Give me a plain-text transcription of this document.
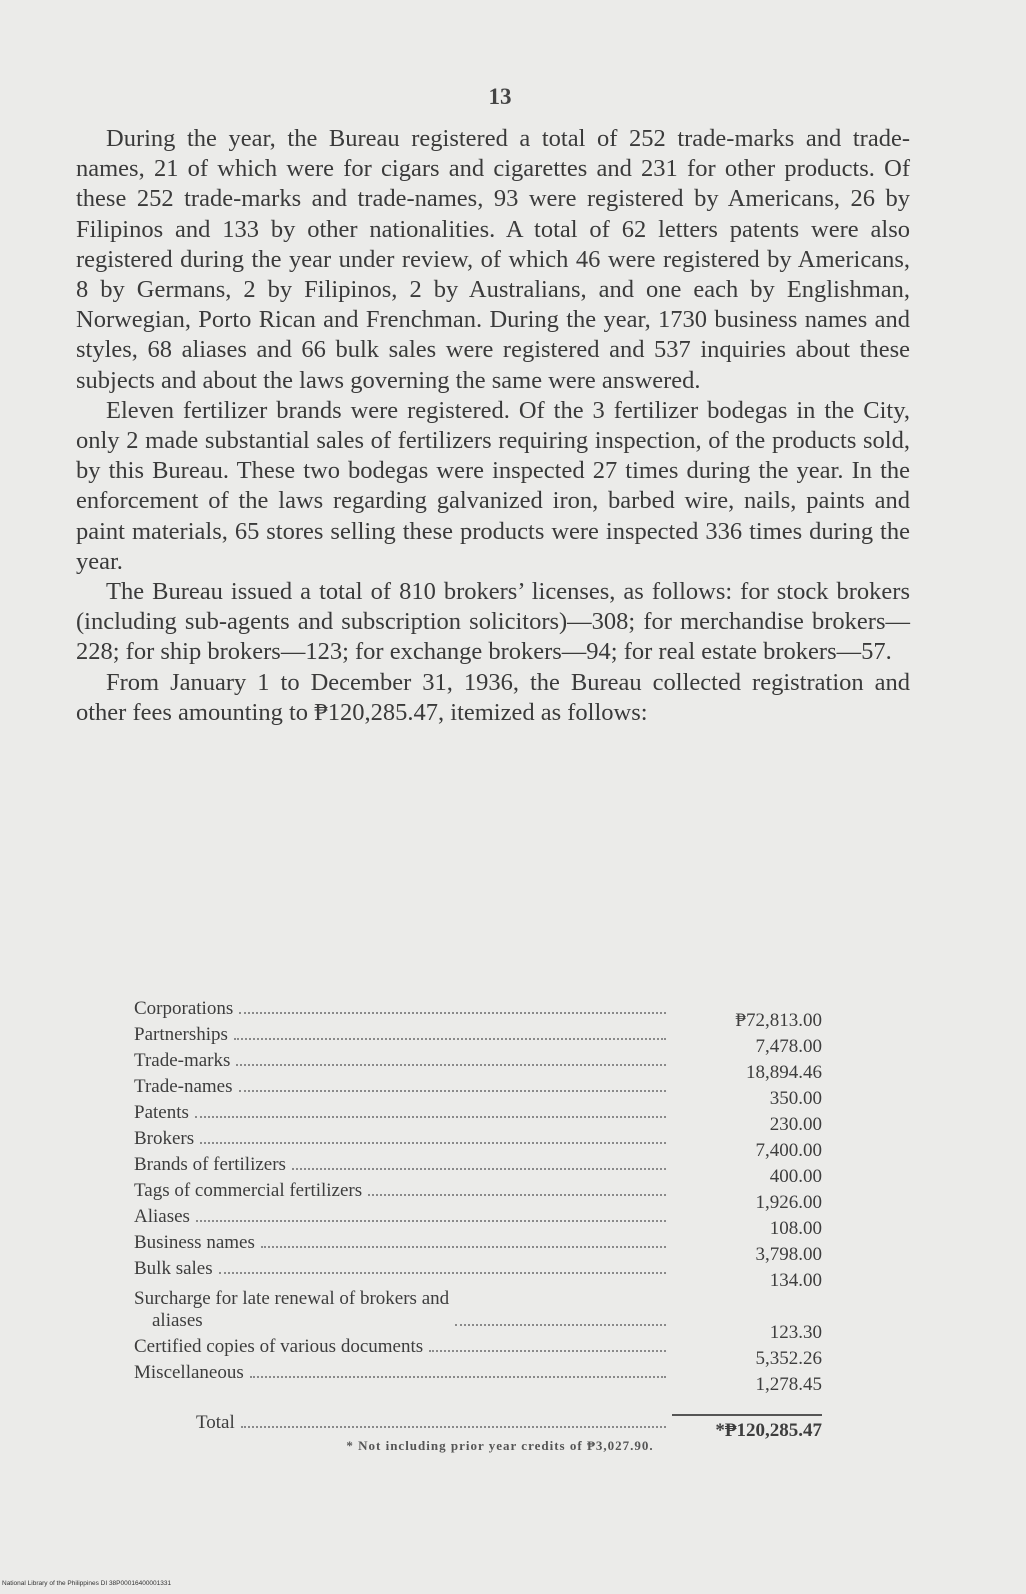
13

During the year, the Bureau registered a total of 252 trade-marks and trade-names, 21 of which were for cigars and cigarettes and 231 for other products. Of these 252 trade-marks and trade-names, 93 were registered by Americans, 26 by Filipinos and 133 by other nationalities. A total of 62 letters patents were also registered during the year under review, of which 46 were registered by Americans, 8 by Germans, 2 by Filipinos, 2 by Australians, and one each by Englishman, Norwegian, Porto Rican and Frenchman. During the year, 1730 business names and styles, 68 aliases and 66 bulk sales were registered and 537 inquiries about these subjects and about the laws governing the same were answered.

Eleven fertilizer brands were registered. Of the 3 fertilizer bodegas in the City, only 2 made substantial sales of fertilizers requiring inspection, of the products sold, by this Bureau. These two bodegas were inspected 27 times during the year. In the enforcement of the laws regarding galvanized iron, barbed wire, nails, paints and paint materials, 65 stores selling these products were inspected 336 times during the year.

The Bureau issued a total of 810 brokers’ licenses, as follows: for stock brokers (including sub-agents and subscription solicitors)—308; for merchandise brokers—228; for ship brokers—123; for exchange brokers—94; for real estate brokers—57.

From January 1 to December 31, 1936, the Bureau collected registration and other fees amounting to ₱120,285.47, itemized as follows:

Corporations
₱72,813.00
Partnerships
7,478.00
Trade-marks
18,894.46
Trade-names
350.00
Patents
230.00
Brokers
7,400.00
Brands of fertilizers
400.00
Tags of commercial fertilizers
1,926.00
Aliases
108.00
Business names
3,798.00
Bulk sales
134.00
Surcharge for late renewal of brokers and
aliases
123.30
Certified copies of various documents
5,352.26
Miscellaneous
1,278.45
Total	*₱120,285.47
* Not including prior year credits of ₱3,027.90.
National Library of the Philippines DI 38P00016400001331
